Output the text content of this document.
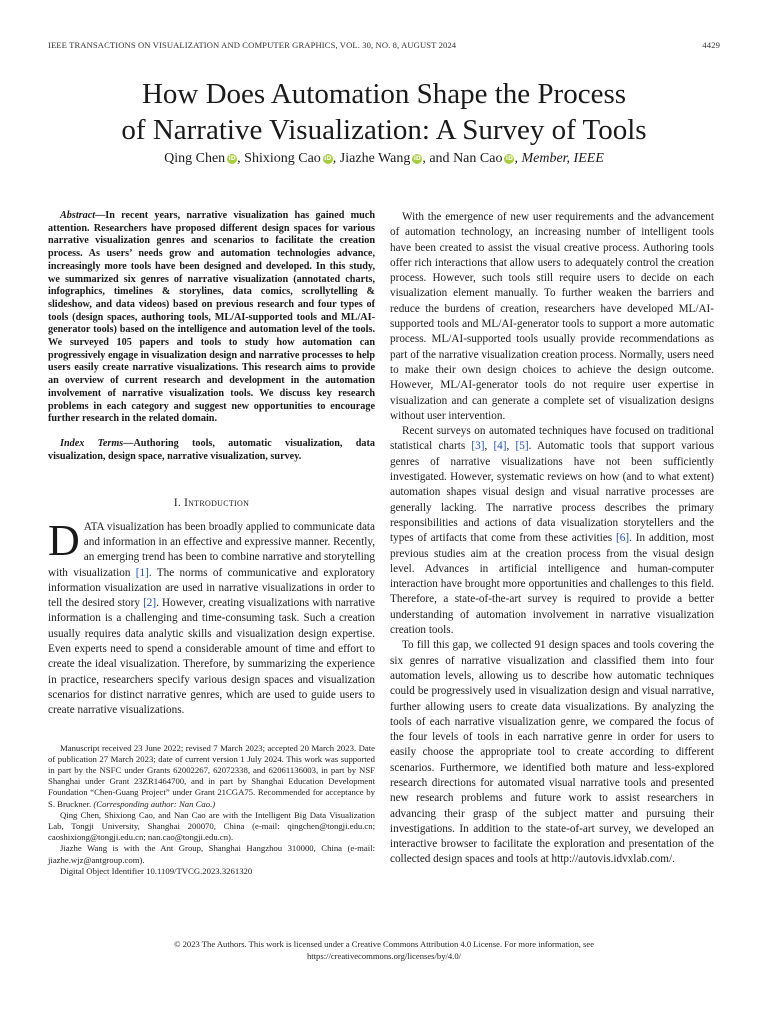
IEEE TRANSACTIONS ON VISUALIZATION AND COMPUTER GRAPHICS, VOL. 30, NO. 8, AUGUST 2024	4429
How Does Automation Shape the Process
of Narrative Visualization: A Survey of Tools
Qing Chen iD, Shixiong Cao iD, Jiazhe Wang iD, and Nan Cao iD, Member, IEEE

Abstract—In recent years, narrative visualization has gained much attention. Researchers have proposed different design spaces for various narrative visualization genres and scenarios to facilitate the creation process. As users’ needs grow and automation technologies advance, increasingly more tools have been designed and developed. In this study, we summarized six genres of narrative visualization (annotated charts, infographics, timelines & storylines, data comics, scrollytelling & slideshow, and data videos) based on previous research and four types of tools (design spaces, authoring tools, ML/AI-supported tools and ML/AI-generator tools) based on the intelligence and automation level of the tools. We surveyed 105 papers and tools to study how automation can progressively engage in visualization design and narrative processes to help users easily create narrative visualizations. This research aims to provide an overview of current research and development in the automation involvement of narrative visualization tools. We discuss key research problems in each category and suggest new opportunities to encourage further research in the related domain.

Index Terms—Authoring tools, automatic visualization, data visualization, design space, narrative visualization, survey.

I. Introduction

DATA visualization has been broadly applied to communicate data and information in an effective and expressive manner. Recently, an emerging trend has been to combine narrative and storytelling with visualization [1]. The norms of communicative and exploratory information visualization are used in narrative visualizations in order to tell the desired story [2]. However, creating visualizations with narrative information is a challenging and time-consuming task. Such a creation usually requires data analytic skills and visualization design expertise. Even experts need to spend a considerable amount of time and effort to create the ideal visualization. Therefore, by summarizing the experience in practice, researchers specify various design spaces and visualization scenarios for distinct narrative genres, which are used to guide users to create narrative visualizations.

Manuscript received 23 June 2022; revised 7 March 2023; accepted 20 March 2023. Date of publication 27 March 2023; date of current version 1 July 2024. This work was supported in part by the NSFC under Grants 62002267, 62072338, and 62061136003, in part by NSF Shanghai under Grant 23ZR1464700, and in part by Shanghai Education Development Foundation “Chen-Guang Project” under Grant 21CGA75. Recommended for acceptance by S. Bruckner. (Corresponding author: Nan Cao.)

Qing Chen, Shixiong Cao, and Nan Cao are with the Intelligent Big Data Visualization Lab, Tongji University, Shanghai 200070, China (e-mail: qingchen@tongji.edu.cn; caoshixiong@tongji.edu.cn; nan.cao@tongji.edu.cn).

Jiazhe Wang is with the Ant Group, Shanghai Hangzhou 310000, China (e-mail: jiazhe.wjz@antgroup.com).

Digital Object Identifier 10.1109/TVCG.2023.3261320

With the emergence of new user requirements and the advancement of automation technology, an increasing number of intelligent tools have been created to assist the visual creative process. Authoring tools offer rich interactions that allow users to adequately control the creation process. However, such tools still require users to decide on each visualization element manually. To further weaken the barriers and reduce the burdens of creation, researchers have developed ML/AI-supported tools and ML/AI-generator tools to support a more automatic process. ML/AI-supported tools usually provide recommendations as part of the narrative visualization creation process. Normally, users need to make their own design choices to achieve the design outcome. However, ML/AI-generator tools do not require user expertise in visualization and can generate a complete set of visualization designs without user intervention.

Recent surveys on automated techniques have focused on traditional statistical charts [3], [4], [5]. Automatic tools that support various genres of narrative visualizations have not been sufficiently investigated. However, systematic reviews on how (and to what extent) automation shapes visual design and visual narrative processes are generally lacking. The narrative process describes the primary responsibilities and actions of data visualization storytellers and the types of artifacts that come from these activities [6]. In addition, most previous studies aim at the creation process from the visual design level. Advances in artificial intelligence and human-computer interaction have brought more opportunities and challenges to this field. Therefore, a state-of-the-art survey is required to provide a better understanding of automation involvement in narrative visualization creation tools.

To fill this gap, we collected 91 design spaces and tools covering the six genres of narrative visualization and classified them into four automation levels, allowing us to describe how automatic techniques could be progressively used in visualization design and visual narrative, further allowing users to create data visualizations. By analyzing the tools of each narrative visualization genre, we compared the focus of the four levels of tools in each narrative genre in order for users to easily choose the appropriate tool to create according to different scenarios. Furthermore, we identified both mature and less-explored research directions for automated visual narrative tools and presented new research problems and future work to assist researchers in advancing their grasp of the subject matter and pursuing their investigations. In addition to the state-of-art survey, we developed an interactive browser to facilitate the exploration and presentation of the collected design spaces and tools at http://autovis.idvxlab.com/.

© 2023 The Authors. This work is licensed under a Creative Commons Attribution 4.0 License. For more information, see
https://creativecommons.org/licenses/by/4.0/
